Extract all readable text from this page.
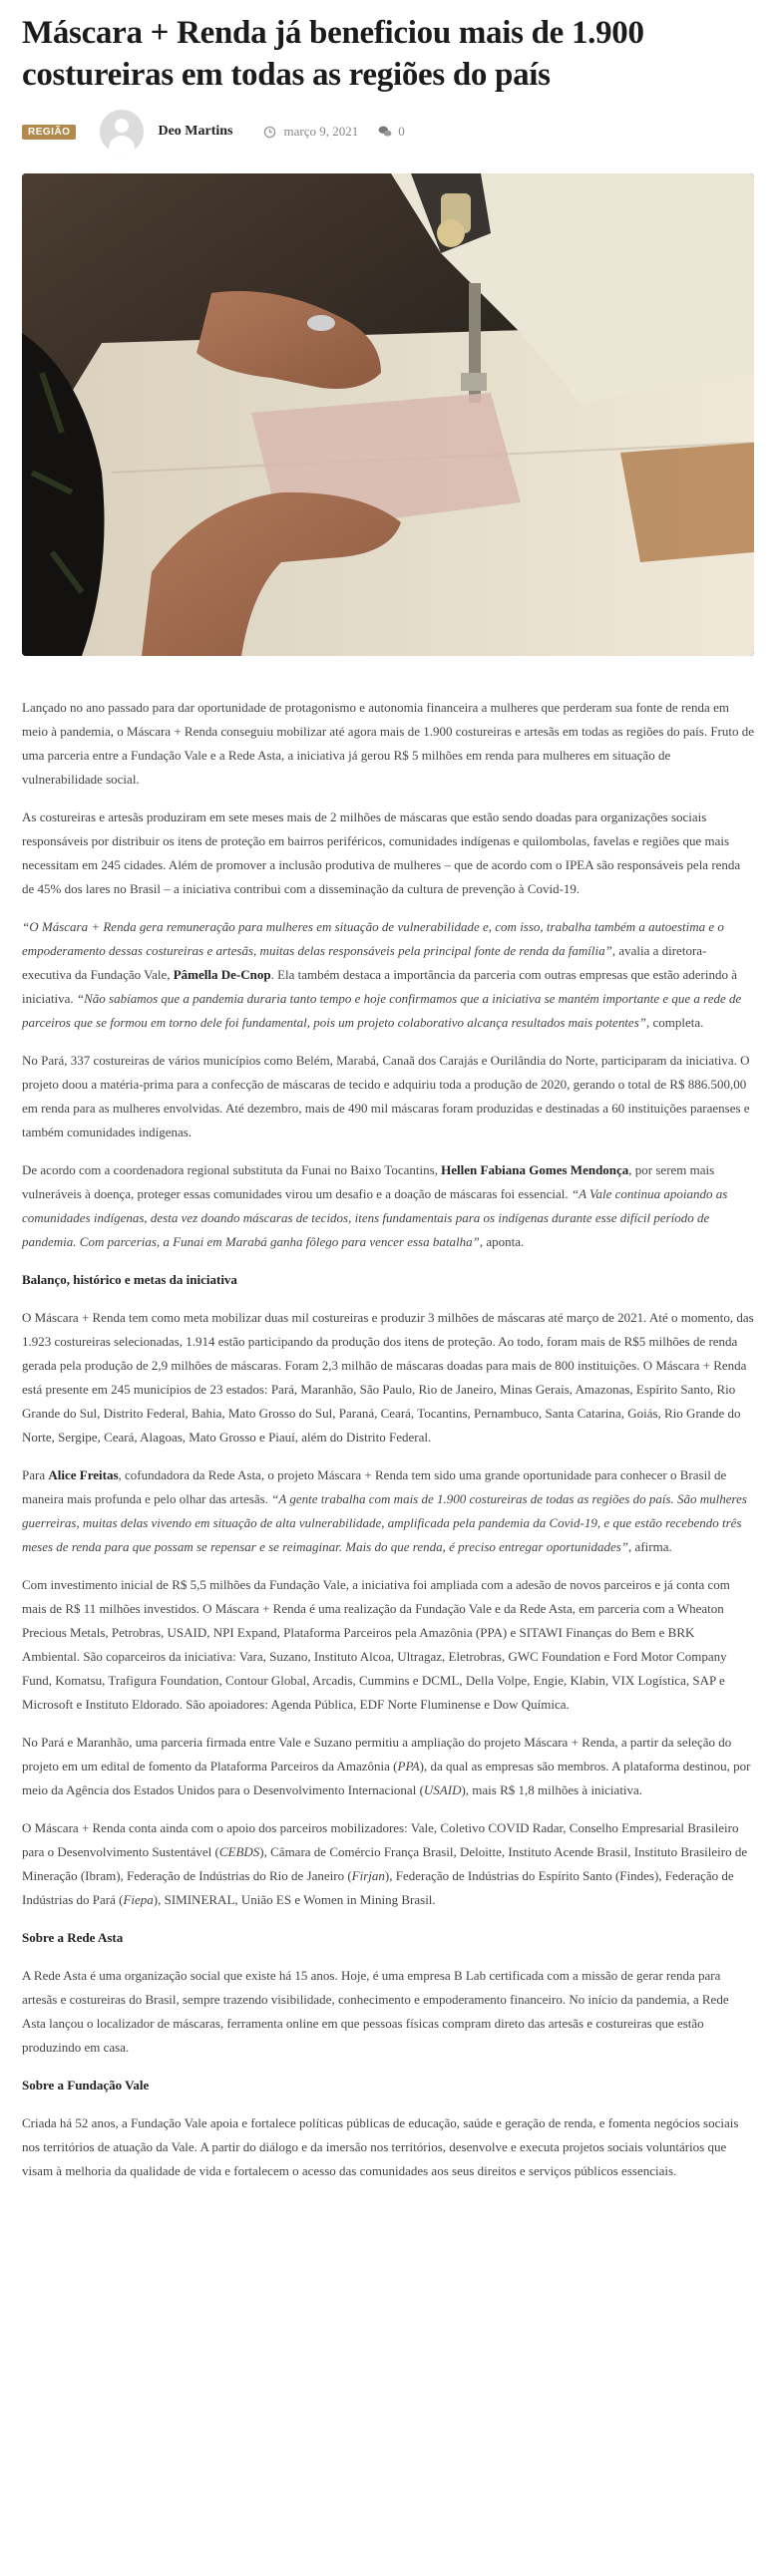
Máscara + Renda já beneficiou mais de 1.900 costureiras em todas as regiões do país
REGIÃO	Deo Martins	março 9, 2021	0

Lançado no ano passado para dar oportunidade de protagonismo e autonomia financeira a mulheres que perderam sua fonte de renda em meio à pandemia, o Máscara + Renda conseguiu mobilizar até agora mais de 1.900 costureiras e artesãs em todas as regiões do país. Fruto de uma parceria entre a Fundação Vale e a Rede Asta, a iniciativa já gerou R$ 5 milhões em renda para mulheres em situação de vulnerabilidade social.

As costureiras e artesãs produziram em sete meses mais de 2 milhões de máscaras que estão sendo doadas para organizações sociais responsáveis por distribuir os itens de proteção em bairros periféricos, comunidades indígenas e quilombolas, favelas e regiões que mais necessitam em 245 cidades. Além de promover a inclusão produtiva de mulheres – que de acordo com o IPEA são responsáveis pela renda de 45% dos lares no Brasil – a iniciativa contribui com a disseminação da cultura de prevenção à Covid-19.

“O Máscara + Renda gera remuneração para mulheres em situação de vulnerabilidade e, com isso, trabalha também a autoestima e o empoderamento dessas costureiras e artesãs, muitas delas responsáveis pela principal fonte de renda da família”, avalia a diretora-executiva da Fundação Vale, Pâmella De-Cnop. Ela também destaca a importância da parceria com outras empresas que estão aderindo à iniciativa. “Não sabíamos que a pandemia duraria tanto tempo e hoje confirmamos que a iniciativa se mantém importante e que a rede de parceiros que se formou em torno dele foi fundamental, pois um projeto colaborativo alcança resultados mais potentes”, completa.

No Pará, 337 costureiras de vários municípios como Belém, Marabá, Canaã dos Carajás e Ourilândia do Norte, participaram da iniciativa. O projeto doou a matéria-prima para a confecção de máscaras de tecido e adquiriu toda a produção de 2020, gerando o total de R$ 886.500,00 em renda para as mulheres envolvidas. Até dezembro, mais de 490 mil máscaras foram produzidas e destinadas a 60 instituições paraenses e também comunidades indígenas.

De acordo com a coordenadora regional substituta da Funai no Baixo Tocantins, Hellen Fabiana Gomes Mendonça, por serem mais vulneráveis à doença, proteger essas comunidades virou um desafio e a doação de máscaras foi essencial. “A Vale continua apoiando as comunidades indígenas, desta vez doando máscaras de tecidos, itens fundamentais para os indígenas durante esse difícil período de pandemia. Com parcerias, a Funai em Marabá ganha fôlego para vencer essa batalha”, aponta.

Balanço, histórico e metas da iniciativa

O Máscara + Renda tem como meta mobilizar duas mil costureiras e produzir 3 milhões de máscaras até março de 2021. Até o momento, das 1.923 costureiras selecionadas, 1.914 estão participando da produção dos itens de proteção. Ao todo, foram mais de R$5 milhões de renda gerada pela produção de 2,9 milhões de máscaras. Foram 2,3 milhão de máscaras doadas para mais de 800 instituições. O Máscara + Renda está presente em 245 municípios de 23 estados: Pará, Maranhão, São Paulo, Rio de Janeiro, Minas Gerais, Amazonas, Espírito Santo, Rio Grande do Sul, Distrito Federal, Bahia, Mato Grosso do Sul, Paraná, Ceará, Tocantins, Pernambuco, Santa Catarina, Goiás, Rio Grande do Norte, Sergipe, Ceará, Alagoas, Mato Grosso e Piauí, além do Distrito Federal.

Para Alice Freitas, cofundadora da Rede Asta, o projeto Máscara + Renda tem sido uma grande oportunidade para conhecer o Brasil de maneira mais profunda e pelo olhar das artesãs. “A gente trabalha com mais de 1.900 costureiras de todas as regiões do país. São mulheres guerreiras, muitas delas vivendo em situação de alta vulnerabilidade, amplificada pela pandemia da Covid-19, e que estão recebendo três meses de renda para que possam se repensar e se reimaginar. Mais do que renda, é preciso entregar oportunidades”, afirma.

Com investimento inicial de R$ 5,5 milhões da Fundação Vale, a iniciativa foi ampliada com a adesão de novos parceiros e já conta com mais de R$ 11 milhões investidos. O Máscara + Renda é uma realização da Fundação Vale e da Rede Asta, em parceria com a Wheaton Precious Metals, Petrobras, USAID, NPI Expand, Plataforma Parceiros pela Amazônia (PPA) e SITAWI Finanças do Bem e BRK Ambiental. São coparceiros da iniciativa: Vara, Suzano, Instituto Alcoa, Ultragaz, Eletrobras, GWC Foundation e Ford Motor Company Fund, Komatsu, Trafigura Foundation, Contour Global, Arcadis, Cummins e DCML, Della Volpe, Engie, Klabin, VIX Logística, SAP e Microsoft e Instituto Eldorado. São apoiadores: Agenda Pública, EDF Norte Fluminense e Dow Química.

No Pará e Maranhão, uma parceria firmada entre Vale e Suzano permitiu a ampliação do projeto Máscara + Renda, a partir da seleção do projeto em um edital de fomento da Plataforma Parceiros da Amazônia (PPA), da qual as empresas são membros. A plataforma destinou, por meio da Agência dos Estados Unidos para o Desenvolvimento Internacional (USAID), mais R$ 1,8 milhões à iniciativa.

O Máscara + Renda conta ainda com o apoio dos parceiros mobilizadores: Vale, Coletivo COVID Radar, Conselho Empresarial Brasileiro para o Desenvolvimento Sustentável (CEBDS), Câmara de Comércio França Brasil, Deloitte, Instituto Acende Brasil, Instituto Brasileiro de Mineração (Ibram), Federação de Indústrias do Rio de Janeiro (Firjan), Federação de Indústrias do Espírito Santo (Findes), Federação de Indústrias do Pará (Fiepa), SIMINERAL, União ES e Women in Mining Brasil.

Sobre a Rede Asta

A Rede Asta é uma organização social que existe há 15 anos. Hoje, é uma empresa B Lab certificada com a missão de gerar renda para artesãs e costureiras do Brasil, sempre trazendo visibilidade, conhecimento e empoderamento financeiro. No início da pandemia, a Rede Asta lançou o localizador de máscaras, ferramenta online em que pessoas físicas compram direto das artesãs e costureiras que estão produzindo em casa.

Sobre a Fundação Vale

Criada há 52 anos, a Fundação Vale apoia e fortalece políticas públicas de educação, saúde e geração de renda, e fomenta negócios sociais nos territórios de atuação da Vale. A partir do diálogo e da imersão nos territórios, desenvolve e executa projetos sociais voluntários que visam à melhoria da qualidade de vida e fortalecem o acesso das comunidades aos seus direitos e serviços públicos essenciais.
